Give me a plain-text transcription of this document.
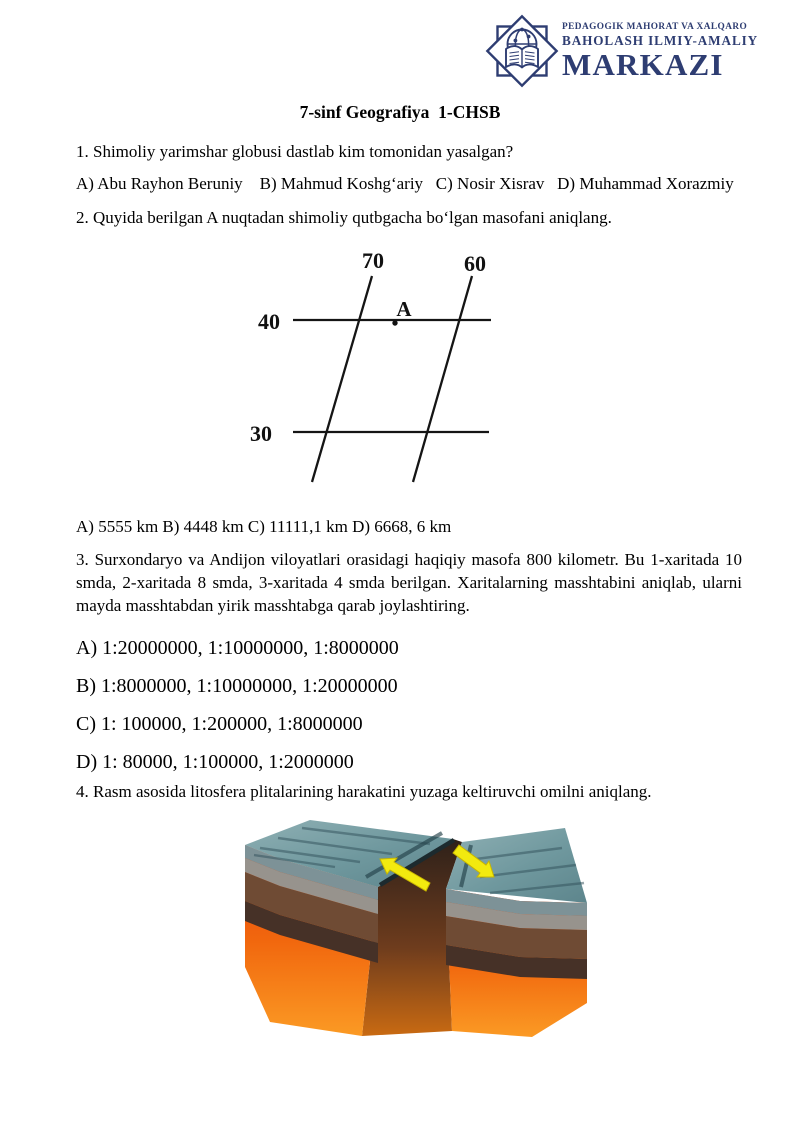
PEDAGOGIK MAHORAT VA XALQARO
BAHOLASH ILMIY-AMALIY
MARKAZI
7-sinf Geografiya  1-CHSB
1. Shimoliy yarimshar globusi dastlab kim tomonidan yasalgan?
A) Abu Rayhon Beruniy    B) Mahmud Koshg‘ariy   C) Nosir Xisrav   D) Muhammad Xorazmiy
2. Quyida berilgan A nuqtadan shimoliy qutbgacha bo‘lgan masofani aniqlang.
70	60
40
30
A
A) 5555 km B) 4448 km C) 11111,1 km D) 6668, 6 km
3. Surxondaryo va Andijon viloyatlari orasidagi haqiqiy masofa 800 kilometr. Bu 1-xaritada 10 smda, 2-xaritada 8 smda, 3-xaritada 4 smda berilgan. Xaritalarning masshtabini aniqlab, ularni mayda masshtabdan yirik masshtabga qarab joylashtiring.
A) 1:20000000, 1:10000000, 1:8000000
B) 1:8000000, 1:10000000, 1:20000000
C) 1: 100000, 1:200000, 1:8000000
D) 1: 80000, 1:100000, 1:2000000
4. Rasm asosida litosfera plitalarining harakatini yuzaga keltiruvchi omilni aniqlang.
